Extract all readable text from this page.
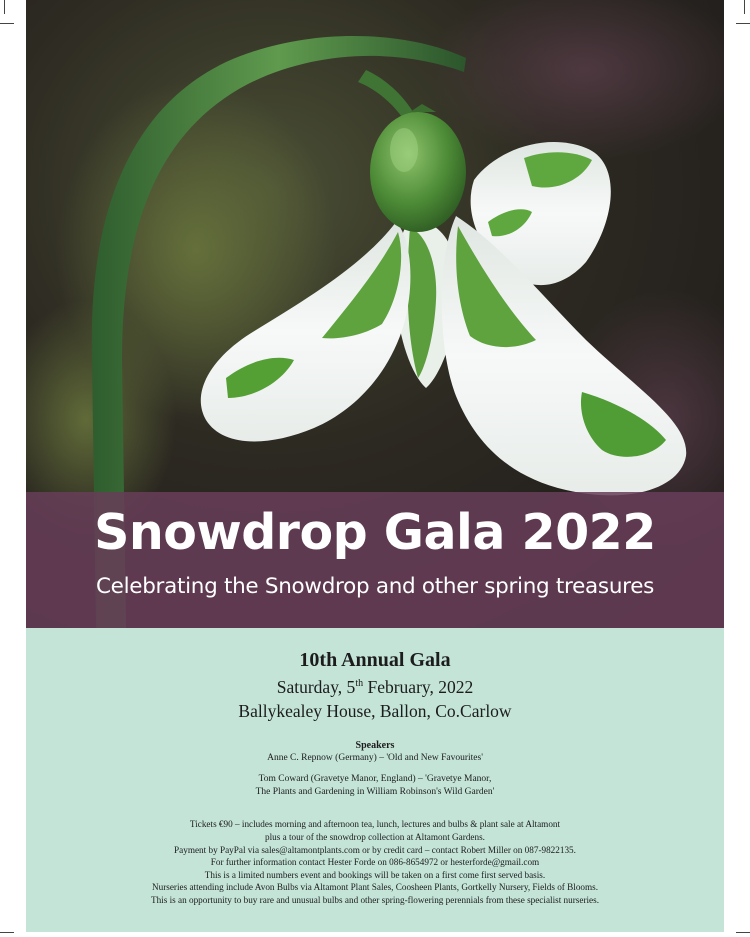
Snowdrop Gala 2022
Celebrating the Snowdrop and other spring treasures
10th Annual Gala
Saturday, 5th February, 2022
Ballykealey House, Ballon, Co.Carlow
Speakers
Anne C. Repnow (Germany) – 'Old and New Favourites'
Tom Coward (Gravetye Manor, England) – 'Gravetye Manor,
The Plants and Gardening in William Robinson's Wild Garden'
Tickets €90 – includes morning and afternoon tea, lunch, lectures and bulbs & plant sale at Altamont
plus a tour of the snowdrop collection at Altamont Gardens.
Payment by PayPal via sales@altamontplants.com or by credit card – contact Robert Miller on 087-9822135.
For further information contact Hester Forde on 086-8654972 or hesterforde@gmail.com
This is a limited numbers event and bookings will be taken on a first come first served basis.
Nurseries attending include Avon Bulbs via Altamont Plant Sales, Coosheen Plants, Gortkelly Nursery, Fields of Blooms.
This is an opportunity to buy rare and unusual bulbs and other spring-flowering perennials from these specialist nurseries.
